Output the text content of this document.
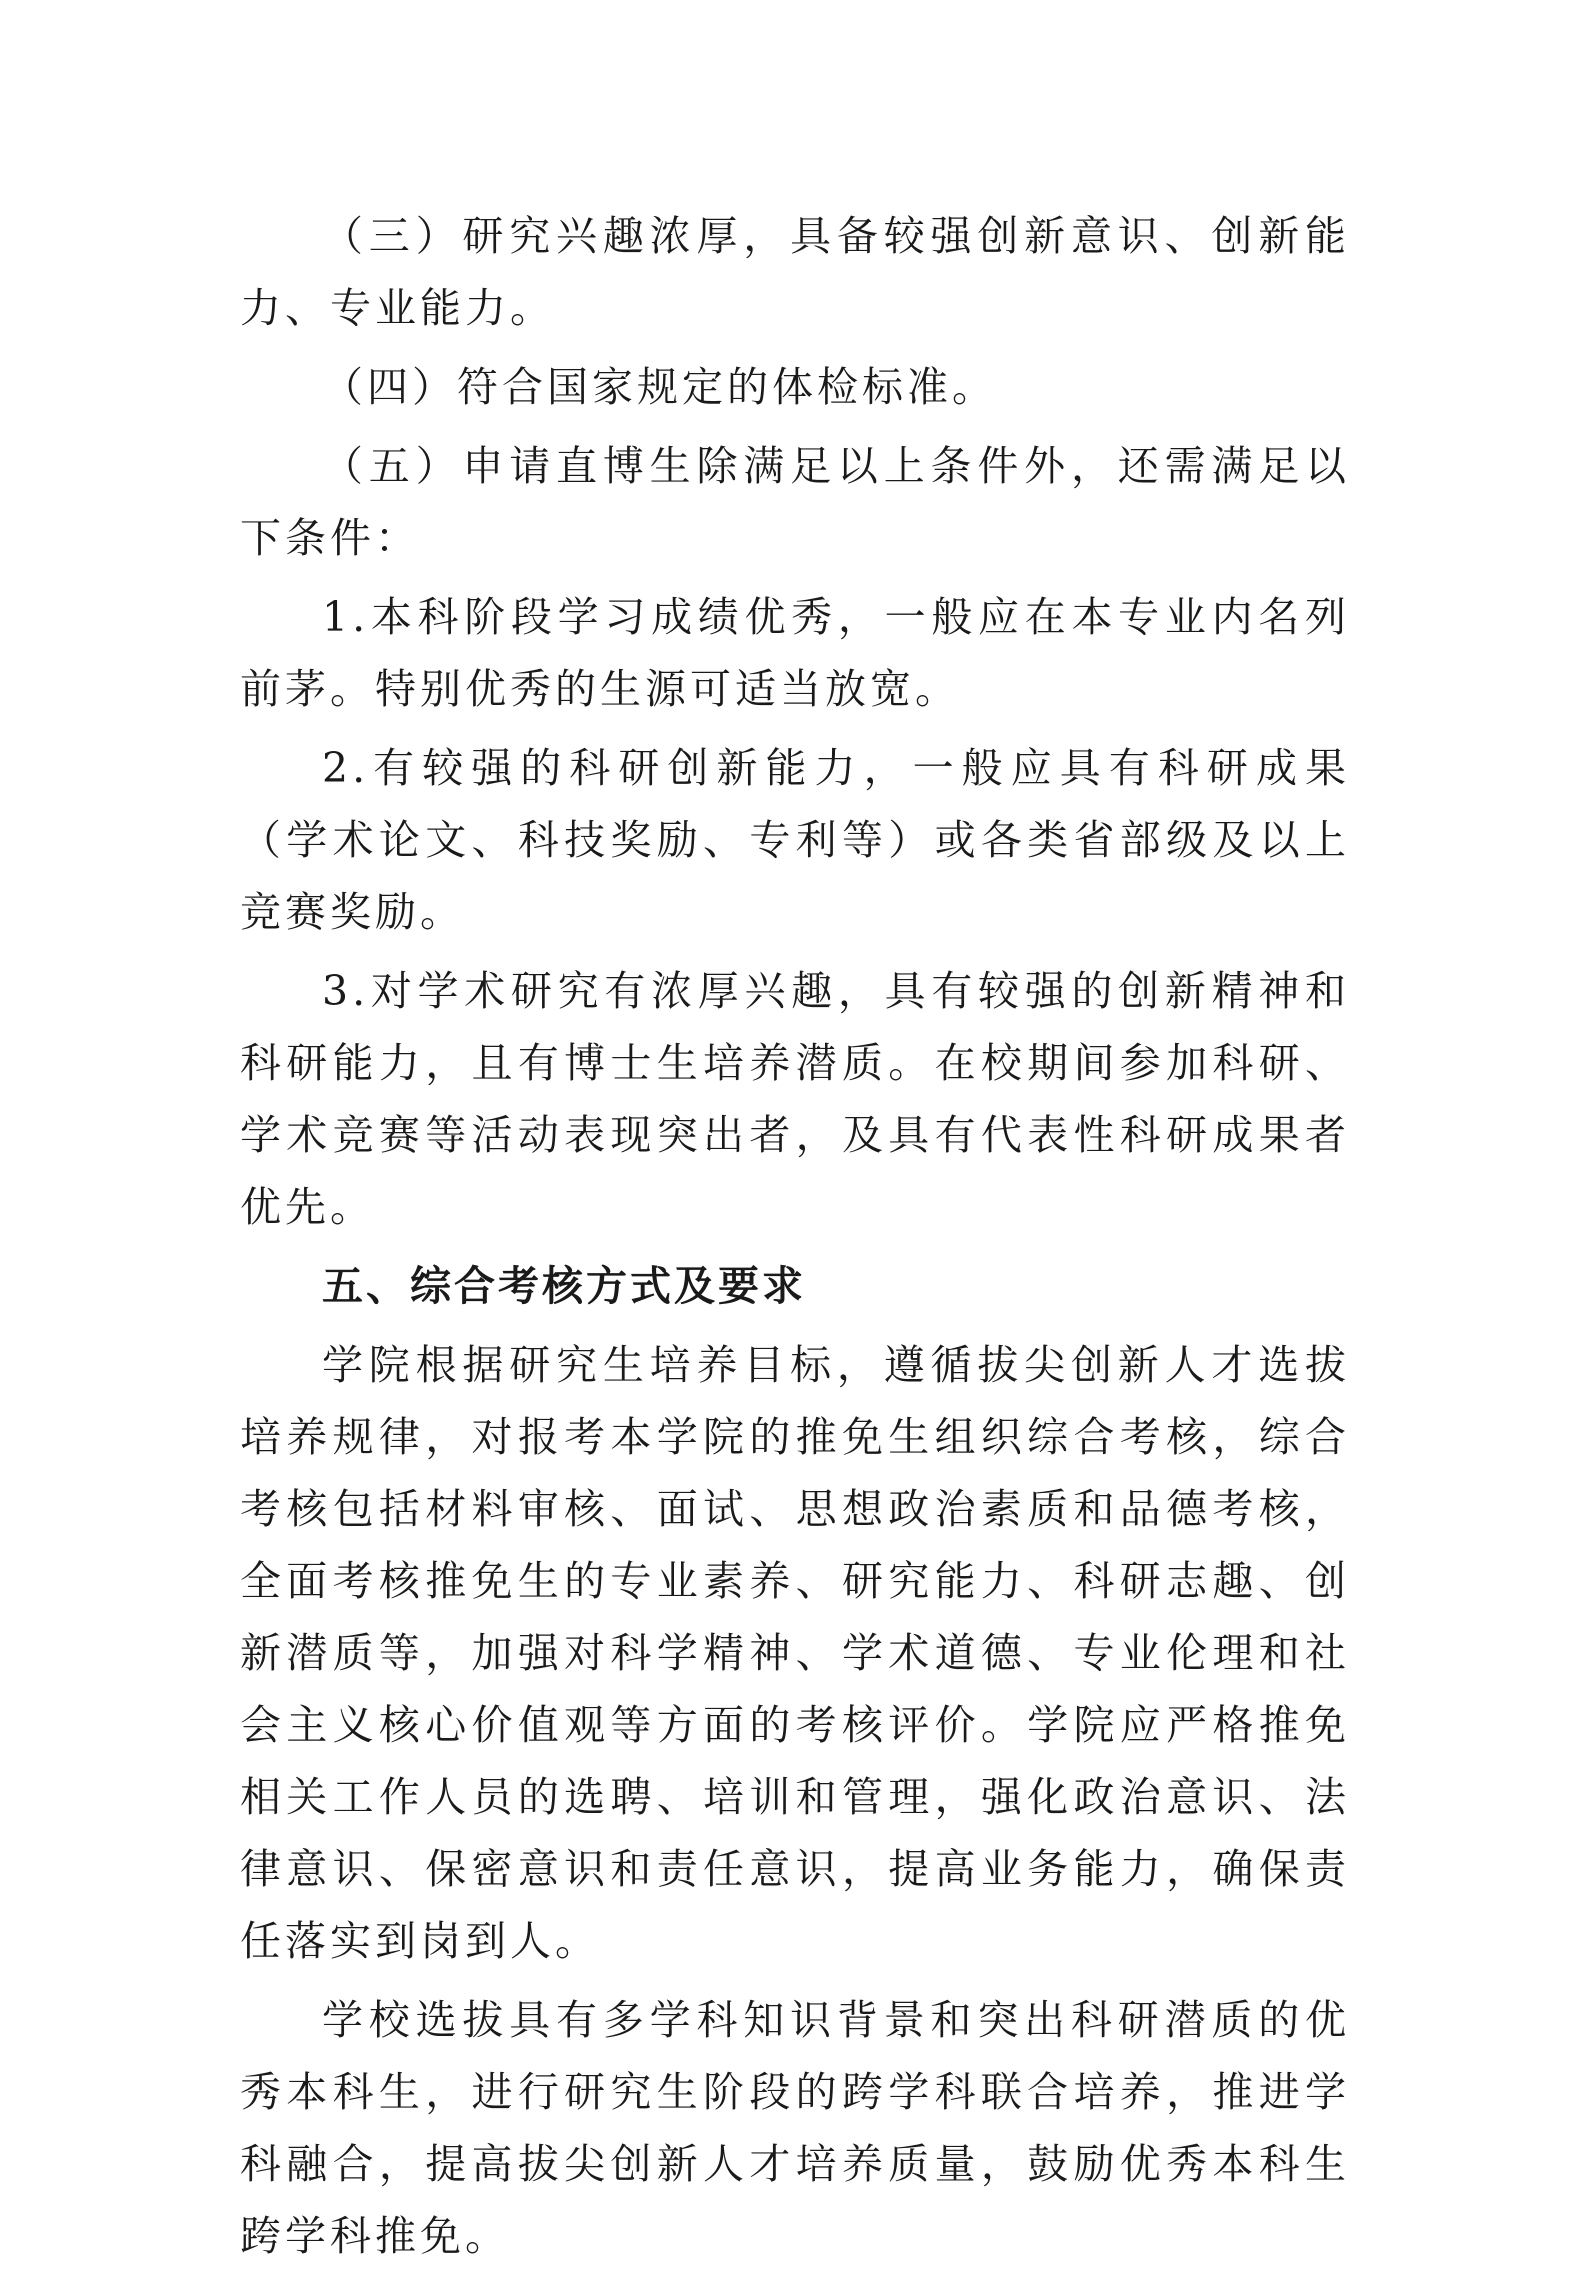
（三）研究兴趣浓厚，具备较强创新意识、创新能力、专业能力。

（四）符合国家规定的体检标准。

（五）申请直博生除满足以上条件外，还需满足以下条件：

1.本科阶段学习成绩优秀，一般应在本专业内名列前茅。特别优秀的生源可适当放宽。

2.有较强的科研创新能力，一般应具有科研成果（学术论文、科技奖励、专利等）或各类省部级及以上竞赛奖励。

3.对学术研究有浓厚兴趣，具有较强的创新精神和科研能力，且有博士生培养潜质。在校期间参加科研、学术竞赛等活动表现突出者，及具有代表性科研成果者优先。

五、综合考核方式及要求

学院根据研究生培养目标，遵循拔尖创新人才选拔培养规律，对报考本学院的推免生组织综合考核，综合考核包括材料审核、面试、思想政治素质和品德考核，全面考核推免生的专业素养、研究能力、科研志趣、创新潜质等，加强对科学精神、学术道德、专业伦理和社会主义核心价值观等方面的考核评价。学院应严格推免相关工作人员的选聘、培训和管理，强化政治意识、法律意识、保密意识和责任意识，提高业务能力，确保责任落实到岗到人。

学校选拔具有多学科知识背景和突出科研潜质的优秀本科生，进行研究生阶段的跨学科联合培养，推进学科融合，提高拔尖创新人才培养质量，鼓励优秀本科生跨学科推免。
